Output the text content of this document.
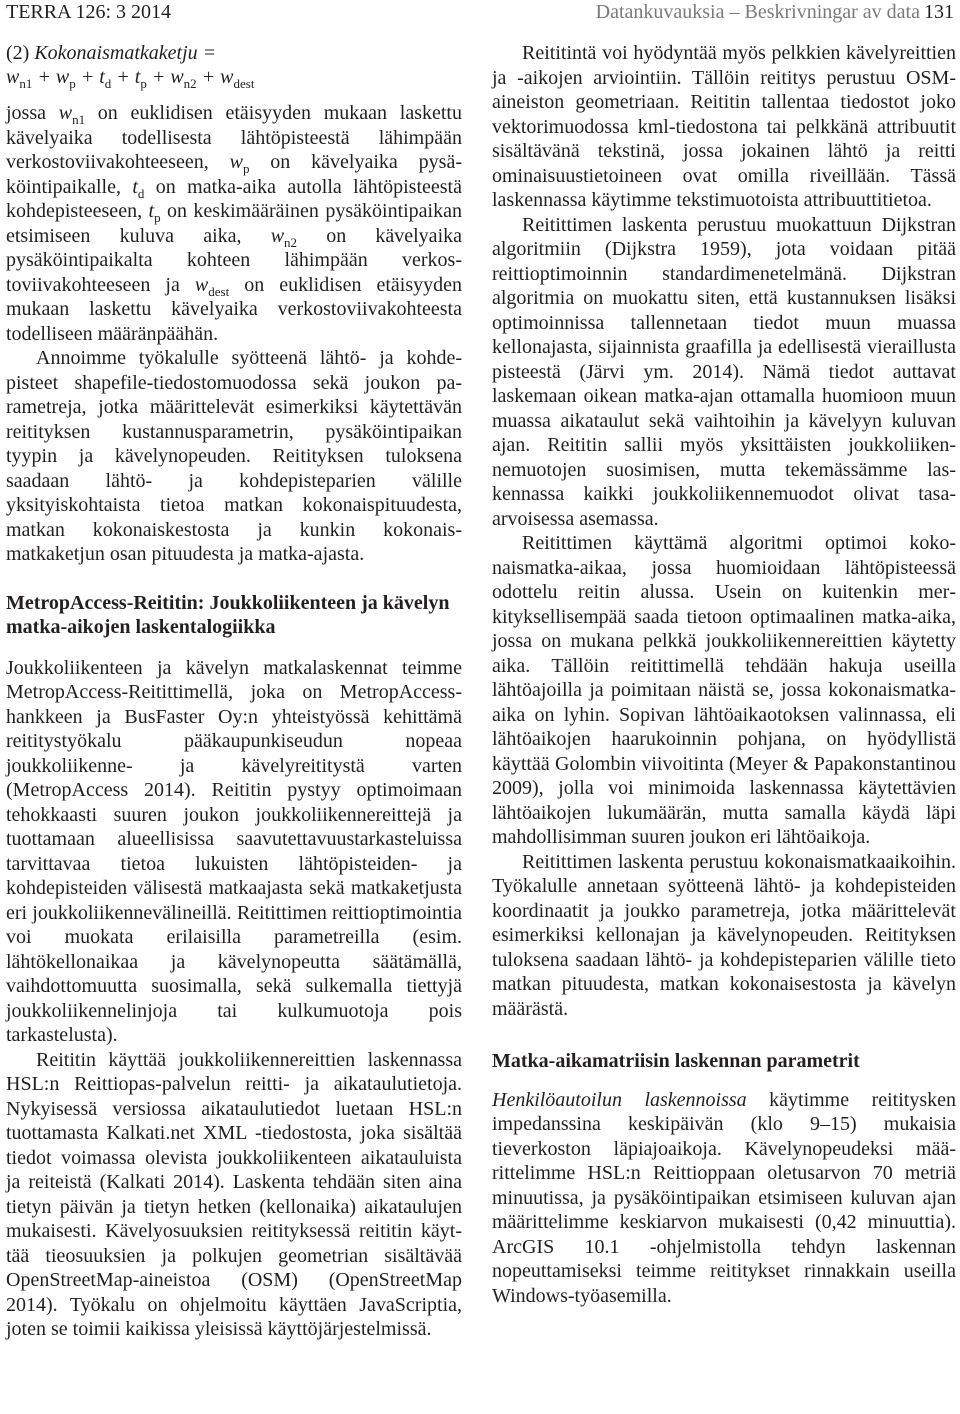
TERRA 126: 3 2014	Datankuvauksia – Beskrivningar av data 131
(2) Kokonaismatkaketju =
$w_{n1} + w_p + t_d + t_p + w_{n2} + w_{dest}$

jossa $w_{n1}$ on euklidisen etäisyyden mukaan laskettu kävelyaika todellisesta lähtöpisteestä lähimpään verkostoviivakohteeseen, $w_p$ on kävelyaika pysäköintipaikalle, $t_d$ on matka-aika autolla lähtöpisteestä kohdepisteeseen, $t_p$ on keskimääräinen pysäköintipaikan etsimiseen kuluva aika, $w_{n2}$ on kävelyaika pysäköintipaikalta kohteen lähimpään verkostoviivakohteeseen ja $w_{dest}$ on euklidisen etäisyyden mukaan laskettu kävelyaika verkostoviivakohteesta todelliseen määränpäähän.

Annoimme työkalulle syötteenä lähtö- ja kohdepisteet shapefile-tiedostomuodossa sekä joukon parametreja, jotka määrittelevät esimerkiksi käytettävän reitityksen kustannusparametrin, pysäköintipaikan tyypin ja kävelynopeuden. Reitityksen tuloksena saadaan lähtö- ja kohdepisteparien välille yksityiskohtaista tietoa matkan kokonaispituudesta, matkan kokonaiskestosta ja kunkin kokonaismatkaketjun osan pituudesta ja matka-ajasta.

MetropAccess-Reititin: Joukkoliikenteen ja kävelyn matka-aikojen laskentalogiikka

Joukkoliikenteen ja kävelyn matkalaskennat teimme MetropAccess-Reitittimellä, joka on MetropAccess-hankkeen ja BusFaster Oy:n yhteistyössä kehittämä reititystyökalu pääkaupunkiseudun nopeaa joukkoliikenne- ja kävelyreititystä varten (MetropAccess 2014). Reititin pystyy optimoimaan tehokkaasti suuren joukon joukkoliikennereittejä ja tuottamaan alueellisissa saavutettavuustarkasteluissa tarvittavaa tietoa lukuisten lähtöpisteiden- ja kohdepisteiden välisestä matkaajasta sekä matkaketjusta eri joukkoliikennevälineillä. Reitittimen reittioptimointia voi muokata erilaisilla parametreilla (esim. lähtökellonaikaa ja kävelynopeutta säätämällä, vaihdottomuutta suosimalla, sekä sulkemalla tiettyjä joukkoliikennelinjoja tai kulkumuotoja pois tarkastelusta).

Reititin käyttää joukkoliikennereittien laskennassa HSL:n Reittiopas-palvelun reitti- ja aikataulutietoja. Nykyisessä versiossa aikataulutiedot luetaan HSL:n tuottamasta Kalkati.net XML -tiedostosta, joka sisältää tiedot voimassa olevista joukkoliikenteen aikatauluista ja reiteistä (Kalkati 2014). Laskenta tehdään siten aina tietyn päivän ja tietyn hetken (kellonaika) aikataulujen mukaisesti. Kävelyosuuksien reitityksessä reititin käyttää tieosuuksien ja polkujen geometrian sisältävää OpenStreetMap-aineistoa (OSM) (OpenStreetMap 2014). Työkalu on ohjelmoitu käyttäen JavaScriptia, joten se toimii kaikissa yleisissä käyttöjärjestelmissä.

Reititintä voi hyödyntää myös pelkkien kävelyreittien ja -aikojen arviointiin. Tällöin reititys perustuu OSM-aineiston geometriaan. Reititin tallentaa tiedostot joko vektorimuodossa kml-tiedostona tai pelkkänä attribuutit sisältävänä tekstinä, jossa jokainen lähtö ja reitti ominaisuustietoineen ovat omilla riveillään. Tässä laskennassa käytimme tekstimuotoista attribuuttitietoa.

Reitittimen laskenta perustuu muokattuun Dijkstran algoritmiin (Dijkstra 1959), jota voidaan pitää reittioptimoinnin standardimenetelmänä. Dijkstran algoritmia on muokattu siten, että kustannuksen lisäksi optimoinnissa tallennetaan tiedot muun muassa kellonajasta, sijainnista graafilla ja edellisestä vieraillusta pisteestä (Järvi ym. 2014). Nämä tiedot auttavat laskemaan oikean matka-ajan ottamalla huomioon muun muassa aikataulut sekä vaihtoihin ja kävelyyn kuluvan ajan. Reititin sallii myös yksittäisten joukkoliikennemuotojen suosimisen, mutta tekemässämme laskennassa kaikki joukkoliikennemuodot olivat tasa-arvoisessa asemassa.

Reitittimen käyttämä algoritmi optimoi kokonaismatka-aikaa, jossa huomioidaan lähtöpisteessä odottelu reitin alussa. Usein on kuitenkin merkityksellisempää saada tietoon optimaalinen matka-aika, jossa on mukana pelkkä joukkoliikennereittien käytetty aika. Tällöin reitittimellä tehdään hakuja useilla lähtöajoilla ja poimitaan näistä se, jossa kokonaismatka-aika on lyhin. Sopivan lähtöaikaotoksen valinnassa, eli lähtöaikojen haarukoinnin pohjana, on hyödyllistä käyttää Golombin viivoitinta (Meyer & Papakonstantinou 2009), jolla voi minimoida laskennassa käytettävien lähtöaikojen lukumäärän, mutta samalla käydä läpi mahdollisimman suuren joukon eri lähtöaikoja.

Reitittimen laskenta perustuu kokonaismatkaaikoihin. Työkalulle annetaan syötteenä lähtö- ja kohdepisteiden koordinaatit ja joukko parametreja, jotka määrittelevät esimerkiksi kellonajan ja kävelynopeuden. Reitityksen tuloksena saadaan lähtö- ja kohdepisteparien välille tieto matkan pituudesta, matkan kokonaisestosta ja kävelyn määrästä.

Matka-aikamatriisin laskennan parametrit

Henkilöautoilun laskennoissa käytimme reititysken impedanssina keskipäivän (klo 9–15) mukaisia tieverkoston läpiajoaikoja. Kävelynopeudeksi määrittelimme HSL:n Reittioppaan oletusarvon 70 metriä minuutissa, ja pysäköintipaikan etsimiseen kuluvan ajan määrittelimme keskiarvon mukaisesti (0,42 minuuttia). ArcGIS 10.1 -ohjelmistolla tehdyn laskennan nopeuttamiseksi teimme reititykset rinnakkain useilla Windows-työasemilla.
